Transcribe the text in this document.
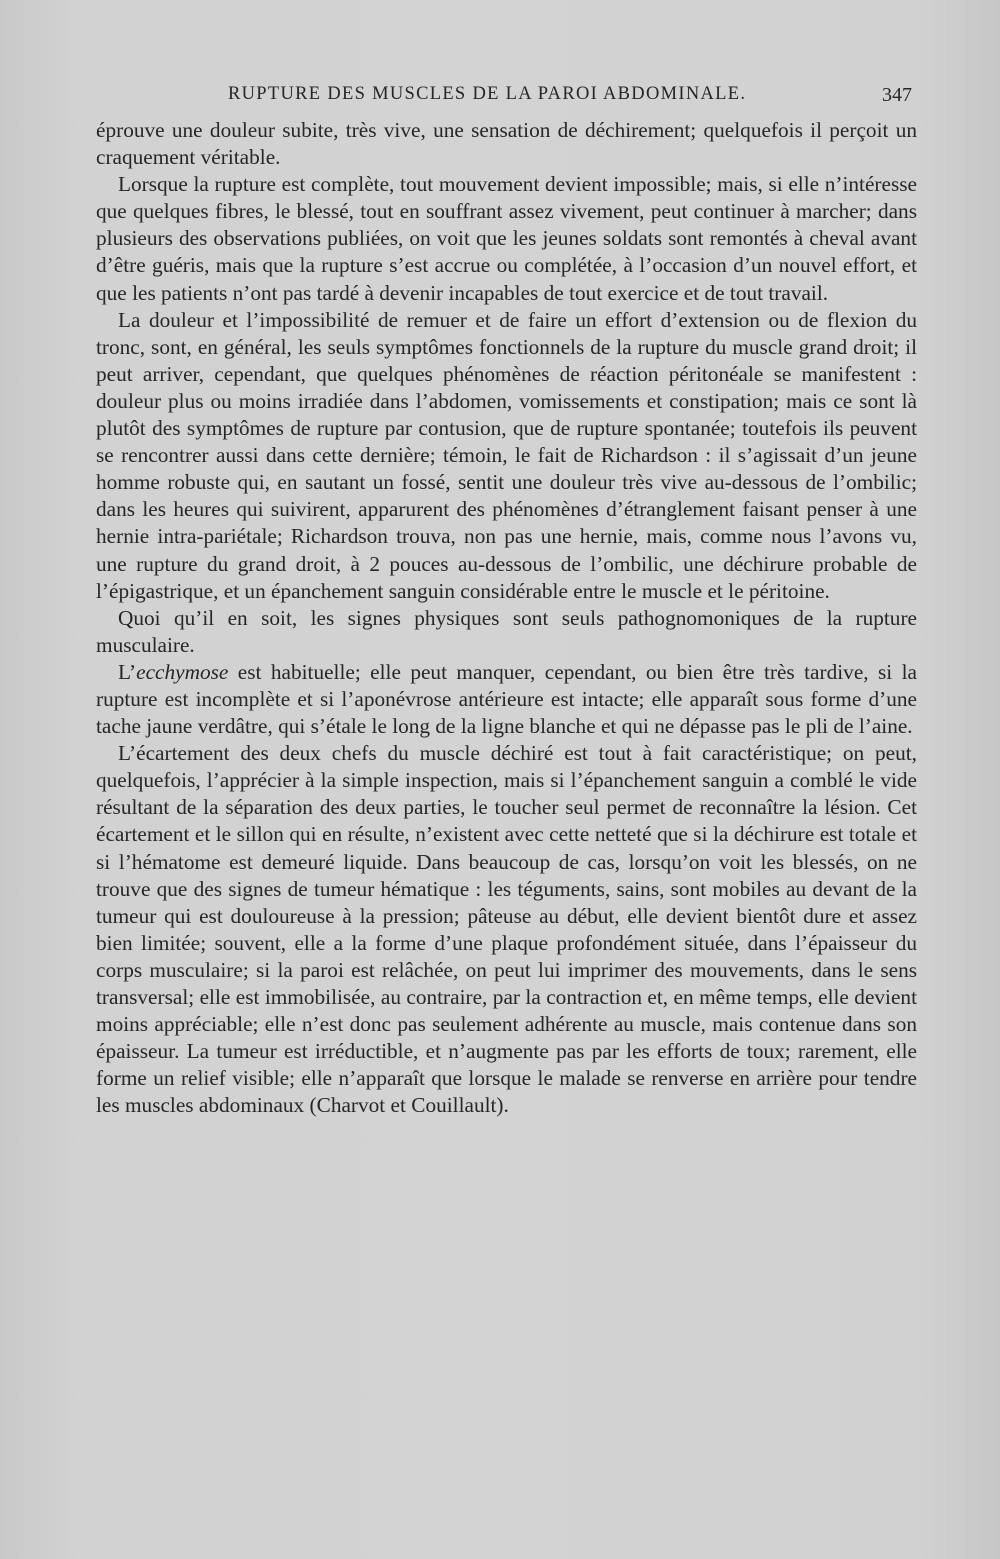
RUPTURE DES MUSCLES DE LA PAROI ABDOMINALE.	347

éprouve une douleur subite, très vive, une sensation de déchirement; quelquefois il perçoit un craquement véritable.

Lorsque la rupture est complète, tout mouvement devient impossible; mais, si elle n’intéresse que quelques fibres, le blessé, tout en souffrant assez vivement, peut continuer à marcher; dans plusieurs des observations publiées, on voit que les jeunes soldats sont remontés à cheval avant d’être guéris, mais que la rupture s’est accrue ou complétée, à l’occasion d’un nouvel effort, et que les patients n’ont pas tardé à devenir incapables de tout exercice et de tout travail.

La douleur et l’impossibilité de remuer et de faire un effort d’extension ou de flexion du tronc, sont, en général, les seuls symptômes fonctionnels de la rupture du muscle grand droit; il peut arriver, cependant, que quelques phénomènes de réaction péritonéale se manifestent : douleur plus ou moins irradiée dans l’abdomen, vomissements et constipation; mais ce sont là plutôt des symptômes de rupture par contusion, que de rupture spontanée; toutefois ils peuvent se rencontrer aussi dans cette dernière; témoin, le fait de Richardson : il s’agissait d’un jeune homme robuste qui, en sautant un fossé, sentit une douleur très vive au-dessous de l’ombilic; dans les heures qui suivirent, apparurent des phénomènes d’étranglement faisant penser à une hernie intra-pariétale; Richardson trouva, non pas une hernie, mais, comme nous l’avons vu, une rupture du grand droit, à 2 pouces au-dessous de l’ombilic, une déchirure probable de l’épigastrique, et un épanchement sanguin considérable entre le muscle et le péritoine.

Quoi qu’il en soit, les signes physiques sont seuls pathognomoniques de la rupture musculaire.

L’ecchymose est habituelle; elle peut manquer, cependant, ou bien être très tardive, si la rupture est incomplète et si l’aponévrose antérieure est intacte; elle apparaît sous forme d’une tache jaune verdâtre, qui s’étale le long de la ligne blanche et qui ne dépasse pas le pli de l’aine.

L’écartement des deux chefs du muscle déchiré est tout à fait caractéristique; on peut, quelquefois, l’apprécier à la simple inspection, mais si l’épanchement sanguin a comblé le vide résultant de la séparation des deux parties, le toucher seul permet de reconnaître la lésion. Cet écartement et le sillon qui en résulte, n’existent avec cette netteté que si la déchirure est totale et si l’hématome est demeuré liquide. Dans beaucoup de cas, lorsqu’on voit les blessés, on ne trouve que des signes de tumeur hématique : les téguments, sains, sont mobiles au devant de la tumeur qui est douloureuse à la pression; pâteuse au début, elle devient bientôt dure et assez bien limitée; souvent, elle a la forme d’une plaque profondément située, dans l’épaisseur du corps musculaire; si la paroi est relâchée, on peut lui imprimer des mouvements, dans le sens transversal; elle est immobilisée, au contraire, par la contraction et, en même temps, elle devient moins appréciable; elle n’est donc pas seulement adhérente au muscle, mais contenue dans son épaisseur. La tumeur est irréductible, et n’augmente pas par les efforts de toux; rarement, elle forme un relief visible; elle n’apparaît que lorsque le malade se renverse en arrière pour tendre les muscles abdominaux (Charvot et Couillault).
